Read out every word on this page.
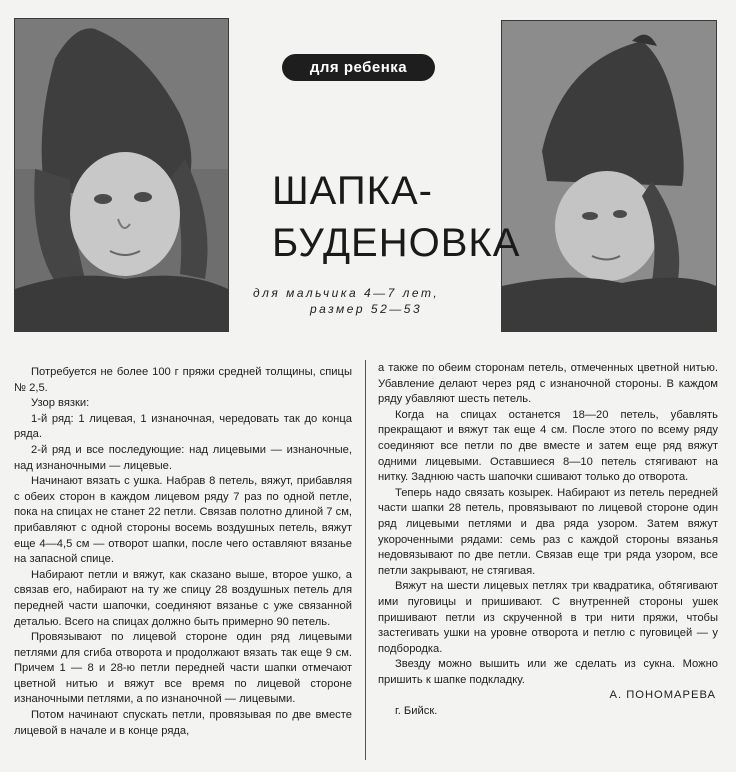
для ребенка
ШАПКА-
БУДЕНОВКА
для мальчика 4—7 лет,
размер 52—53

Потребуется не более 100 г пряжи средней толщины, спицы № 2,5.

Узор вязки:

1-й ряд: 1 лицевая, 1 изнаночная, чередовать так до конца ряда.

2-й ряд и все последующие: над лицевыми — изнаночные, над изнаночными — лицевые.

Начинают вязать с ушка. Набрав 8 петель, вяжут, прибавляя с обеих сторон в каждом лицевом ряду 7 раз по одной петле, пока на спицах не станет 22 петли. Связав полотно длиной 7 см, прибавляют с одной стороны восемь воздушных петель, вяжут еще 4—4,5 см — отворот шапки, после чего оставляют вязанье на запасной спице.

Набирают петли и вяжут, как сказано выше, второе ушко, а связав его, набирают на ту же спицу 28 воздушных петель для передней части шапочки, соединяют вязанье с уже связанной деталью. Всего на спицах должно быть примерно 90 петель.

Провязывают по лицевой стороне один ряд лицевыми петлями для сгиба отворота и продолжают вязать так еще 9 см. Причем 1 — 8 и 28-ю петли передней части шапки отмечают цветной нитью и вяжут все время по лицевой стороне изнаночными петлями, а по изнаночной — лицевыми.

Потом начинают спускать петли, провязывая по две вместе лицевой в начале и в конце ряда,

а также по обеим сторонам петель, отмеченных цветной нитью. Убавление делают через ряд с изнаночной стороны. В каждом ряду убавляют шесть петель.

Когда на спицах останется 18—20 петель, убавлять прекращают и вяжут так еще 4 см. После этого по всему ряду соединяют все петли по две вместе и затем еще ряд вяжут одними лицевыми. Оставшиеся 8—10 петель стягивают на нитку. Заднюю часть шапочки сшивают только до отворота.

Теперь надо связать козырек. Набирают из петель передней части шапки 28 петель, провязывают по лицевой стороне один ряд лицевыми петлями и два ряда узором. Затем вяжут укороченными рядами: семь раз с каждой стороны вязанья недовязывают по две петли. Связав еще три ряда узором, все петли закрывают, не стягивая.

Вяжут на шести лицевых петлях три квадратика, обтягивают ими пуговицы и пришивают. С внутренней стороны ушек пришивают петли из скрученной в три нити пряжи, чтобы застегивать ушки на уровне отворота и петлю с пуговицей — у подбородка.

Звезду можно вышить или же сделать из сукна. Можно пришить к шапке подкладку.

А. ПОНОМАРЕВА

г. Бийск.
